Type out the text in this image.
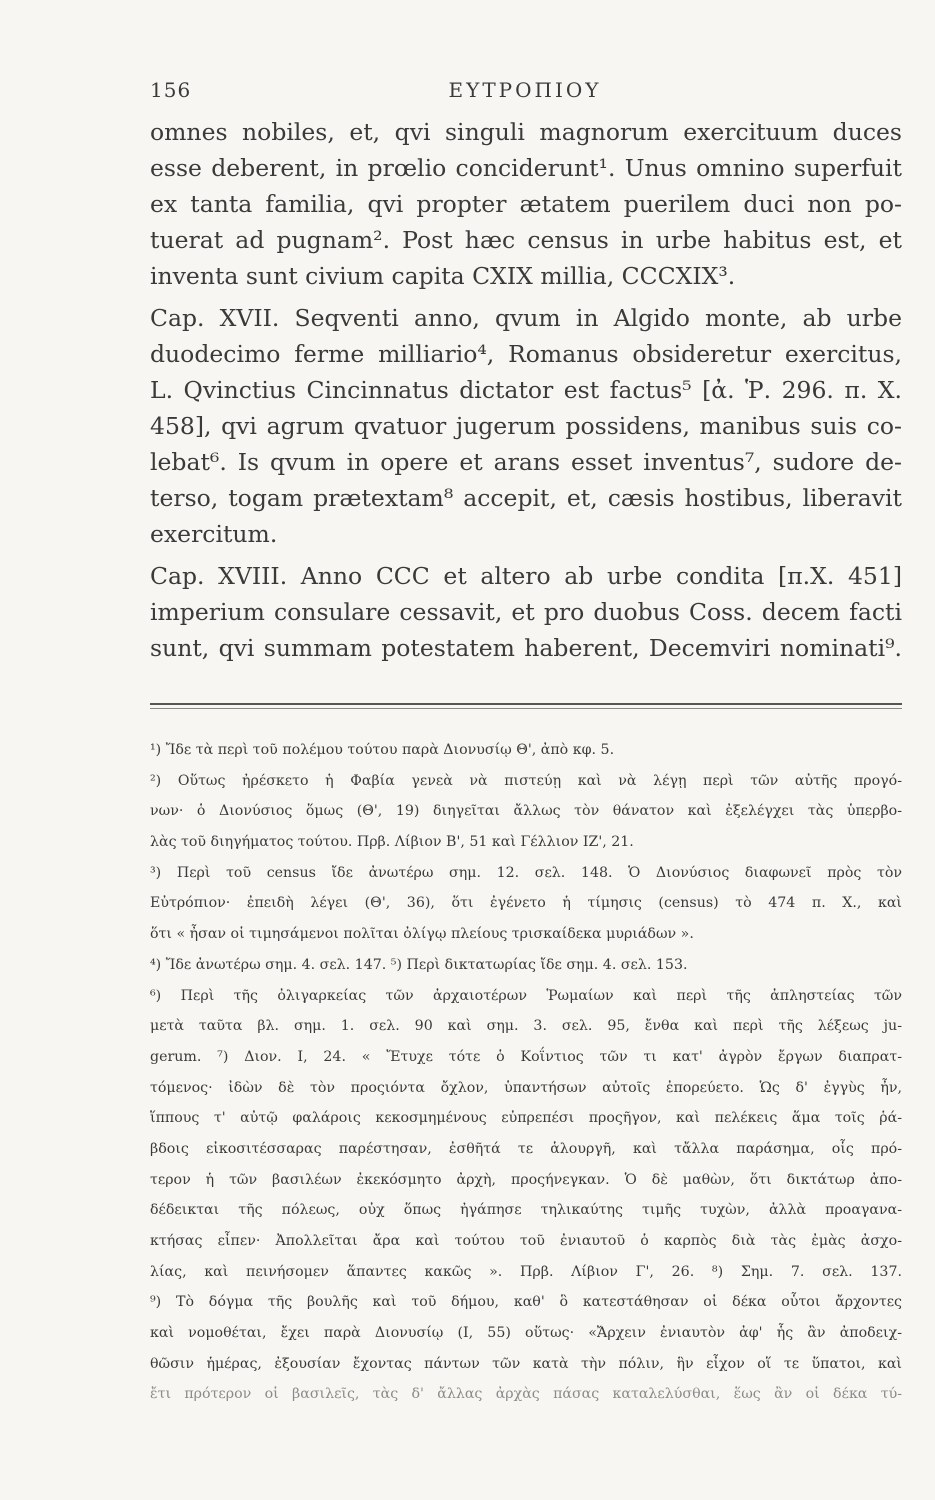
156	ΕΥΤΡΟΠΙΟΥ
omnes nobiles, et, qvi singuli magnorum exercituum duces
esse deberent, in prœlio conciderunt¹. Unus omnino superfuit
ex tanta familia, qvi propter ætatem puerilem duci non po-
tuerat ad pugnam². Post hæc census in urbe habitus est, et
inventa sunt civium capita CXIX millia, CCCXIX³.
Cap. XVII. Seqventi anno, qvum in Algido monte, ab urbe
duodecimo ferme milliario⁴, Romanus obsideretur exercitus,
L. Qvinctius Cincinnatus dictator est factus⁵ [ἀ. Ῥ. 296. π. Χ.
458], qvi agrum qvatuor jugerum possidens, manibus suis co-
lebat⁶. Is qvum in opere et arans esset inventus⁷, sudore de-
terso, togam prætextam⁸ accepit, et, cæsis hostibus, liberavit
exercitum.
Cap. XVIII. Anno CCC et altero ab urbe condita [π.Χ. 451]
imperium consulare cessavit, et pro duobus Coss. decem facti
sunt, qvi summam potestatem haberent, Decemviri nominati⁹.
¹) Ἴδε τὰ περὶ τοῦ πολέμου τούτου παρὰ Διονυσίῳ Θ', ἀπὸ κφ. 5.
²) Οὕτως ἠρέσκετο ἡ Φαβία γενεὰ νὰ πιστεύῃ καὶ νὰ λέγῃ περὶ τῶν αὐτῆς προγό-
νων· ὁ Διονύσιος ὅμως (Θ', 19) διηγεῖται ἄλλως τὸν θάνατον καὶ ἐξελέγχει τὰς ὑπερβο-
λὰς τοῦ διηγήματος τούτου. Πρβ. Λίβιον Β', 51 καὶ Γέλλιον ΙΖ', 21.
³) Περὶ τοῦ census ἴδε ἀνωτέρω σημ. 12. σελ. 148. Ὁ Διονύσιος διαφωνεῖ πρὸς τὸν
Εὐτρόπιον· ἐπειδὴ λέγει (Θ', 36), ὅτι ἐγένετο ἡ τίμησις (census) τὸ 474 π. Χ., καὶ
ὅτι « ἦσαν οἱ τιμησάμενοι πολῖται ὀλίγῳ πλείους τρισκαίδεκα μυριάδων ».
⁴) Ἴδε ἀνωτέρω σημ. 4. σελ. 147. ⁵) Περὶ δικτατωρίας ἴδε σημ. 4. σελ. 153.
⁶) Περὶ τῆς ὀλιγαρκείας τῶν ἀρχαιοτέρων Ῥωμαίων καὶ περὶ τῆς ἀπληστείας τῶν
μετὰ ταῦτα βλ. σημ. 1. σελ. 90 καὶ σημ. 3. σελ. 95, ἔνθα καὶ περὶ τῆς λέξεως ju-
gerum. ⁷) Διον. Ι, 24. « Ἔτυχε τότε ὁ Κοΐντιος τῶν τι κατ' ἀγρὸν ἔργων διαπρατ-
τόμενος· ἰδὼν δὲ τὸν προςιόντα ὄχλον, ὑπαντήσων αὐτοῖς ἐπορεύετο. Ὡς δ' ἐγγὺς ἦν,
ἵππους τ' αὐτῷ φαλάροις κεκοσμημένους εὐπρεπέσι προςῆγον, καὶ πελέκεις ἅμα τοῖς ῥά-
βδοις εἰκοσιτέσσαρας παρέστησαν, ἐσθῆτά τε ἁλουργῆ, καὶ τἄλλα παράσημα, οἷς πρό-
τερον ἡ τῶν βασιλέων ἐκεκόσμητο ἀρχὴ, προςήνεγκαν. Ὁ δὲ μαθὼν, ὅτι δικτάτωρ ἀπο-
δέδεικται τῆς πόλεως, οὐχ ὅπως ἠγάπησε τηλικαύτης τιμῆς τυχὼν, ἀλλὰ προαγανα-
κτήσας εἶπεν· Ἀπολλεῖται ἄρα καὶ τούτου τοῦ ἐνιαυτοῦ ὁ καρπὸς διὰ τὰς ἐμὰς ἀσχο-
λίας, καὶ πεινήσομεν ἅπαντες κακῶς ». Πρβ. Λίβιον Γ', 26. ⁸) Σημ. 7. σελ. 137.
⁹) Τὸ δόγμα τῆς βουλῆς καὶ τοῦ δήμου, καθ' ὃ κατεστάθησαν οἱ δέκα οὗτοι ἄρχοντες
καὶ νομοθέται, ἔχει παρὰ Διονυσίῳ (Ι, 55) οὕτως· «Ἄρχειν ἐνιαυτὸν ἀφ' ἧς ἂν ἀποδειχ-
θῶσιν ἡμέρας, ἐξουσίαν ἔχοντας πάντων τῶν κατὰ τὴν πόλιν, ἣν εἶχον οἵ τε ὕπατοι, καὶ
ἔτι πρότερον οἱ βασιλεῖς, τὰς δ' ἄλλας ἀρχὰς πάσας καταλελύσθαι, ἕως ἂν οἱ δέκα τύ-
